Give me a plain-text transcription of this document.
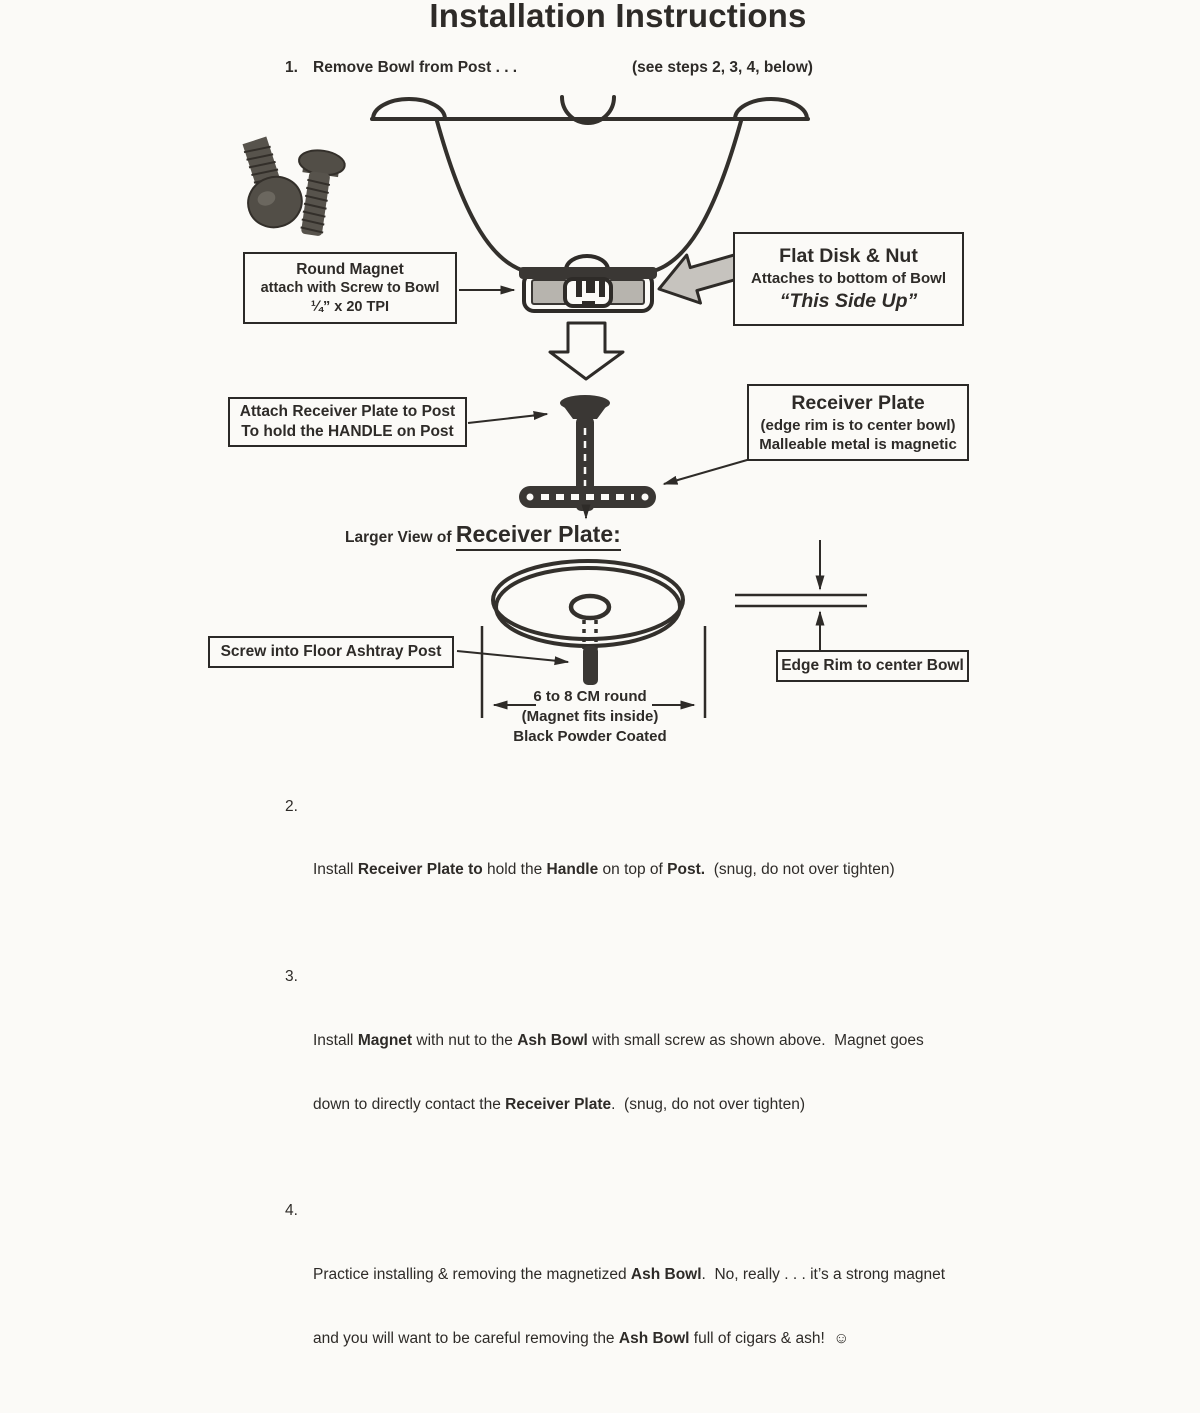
Installation Instructions
1. Remove Bowl from Post . . .	(see steps 2, 3, 4, below)
Round Magnet
attach with Screw to Bowl
¼” x 20 TPI
Flat Disk & Nut
Attaches to bottom of Bowl
“This Side Up”
Attach Receiver Plate to Post
To hold the HANDLE on Post
Receiver Plate
(edge rim is to center bowl)
Malleable metal is magnetic
Larger View of Receiver Plate:
Screw into Floor Ashtray Post
6 to 8 CM round
(Magnet fits inside)
Black Powder Coated
Edge Rim to center Bowl

2.

Install Receiver Plate to hold the Handle on top of Post.  (snug, do not over tighten)

3.

Install Magnet with nut to the Ash Bowl with small screw as shown above.  Magnet goes

down to directly contact the Receiver Plate.  (snug, do not over tighten)

4.

Practice installing & removing the magnetized Ash Bowl.  No, really . . . it’s a strong magnet

and you will want to be careful removing the Ash Bowl full of cigars & ash!  ☺
